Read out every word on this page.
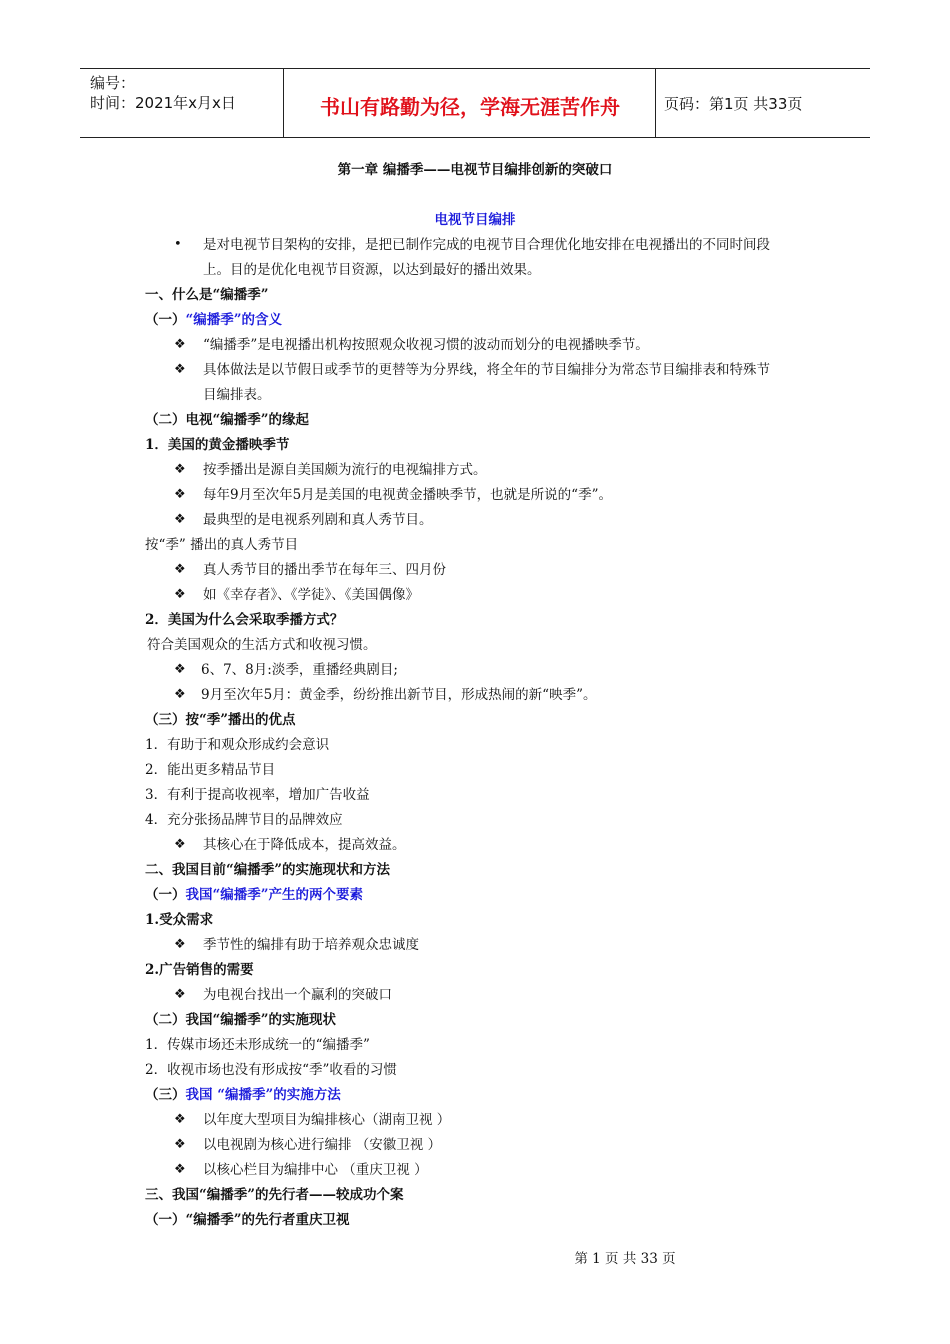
编号：
时间：2021年x月x日	书山有路勤为径，学海无涯苦作舟	页码：第1页 共33页
第一章 编播季——电视节目编排创新的突破口
电视节目编排
• 是对电视节目架构的安排，是把已制作完成的电视节目合理优化地安排在电视播出的不同时间段
上。目的是优化电视节目资源，以达到最好的播出效果。
一、什么是“编播季”
（一）“编播季”的含义
❖ “编播季”是电视播出机构按照观众收视习惯的波动而划分的电视播映季节。
❖ 具体做法是以节假日或季节的更替等为分界线，将全年的节目编排分为常态节目编排表和特殊节
目编排表。
（二）电视“编播季”的缘起
1．美国的黄金播映季节
❖ 按季播出是源自美国颇为流行的电视编排方式。
❖ 每年9月至次年5月是美国的电视黄金播映季节，也就是所说的“季”。
❖ 最典型的是电视系列剧和真人秀节目。
按“季” 播出的真人秀节目
❖ 真人秀节目的播出季节在每年三、四月份
❖ 如《幸存者》、《学徒》、《美国偶像》
2．美国为什么会采取季播方式？
符合美国观众的生活方式和收视习惯。
❖ 6、7、8月:淡季，重播经典剧目;
❖ 9月至次年5月：黄金季，纷纷推出新节目，形成热闹的新“映季”。
（三）按“季”播出的优点
1．有助于和观众形成约会意识
2．能出更多精品节目
3．有利于提高收视率，增加广告收益
4．充分张扬品牌节目的品牌效应
❖ 其核心在于降低成本，提高效益。
二、我国目前“编播季”的实施现状和方法
（一）我国“编播季”产生的两个要素
1.受众需求
❖ 季节性的编排有助于培养观众忠诚度
2.广告销售的需要
❖ 为电视台找出一个赢利的突破口
（二）我国“编播季”的实施现状
1．传媒市场还未形成统一的“编播季”
2．收视市场也没有形成按“季”收看的习惯
（三）我国 “编播季”的实施方法
❖ 以年度大型项目为编排核心（湖南卫视 ）
❖ 以电视剧为核心进行编排 （安徽卫视 ）
❖ 以核心栏目为编排中心 （重庆卫视 ）
三、我国“编播季”的先行者——较成功个案
（一）“编播季”的先行者重庆卫视
第 1 页 共 33 页
